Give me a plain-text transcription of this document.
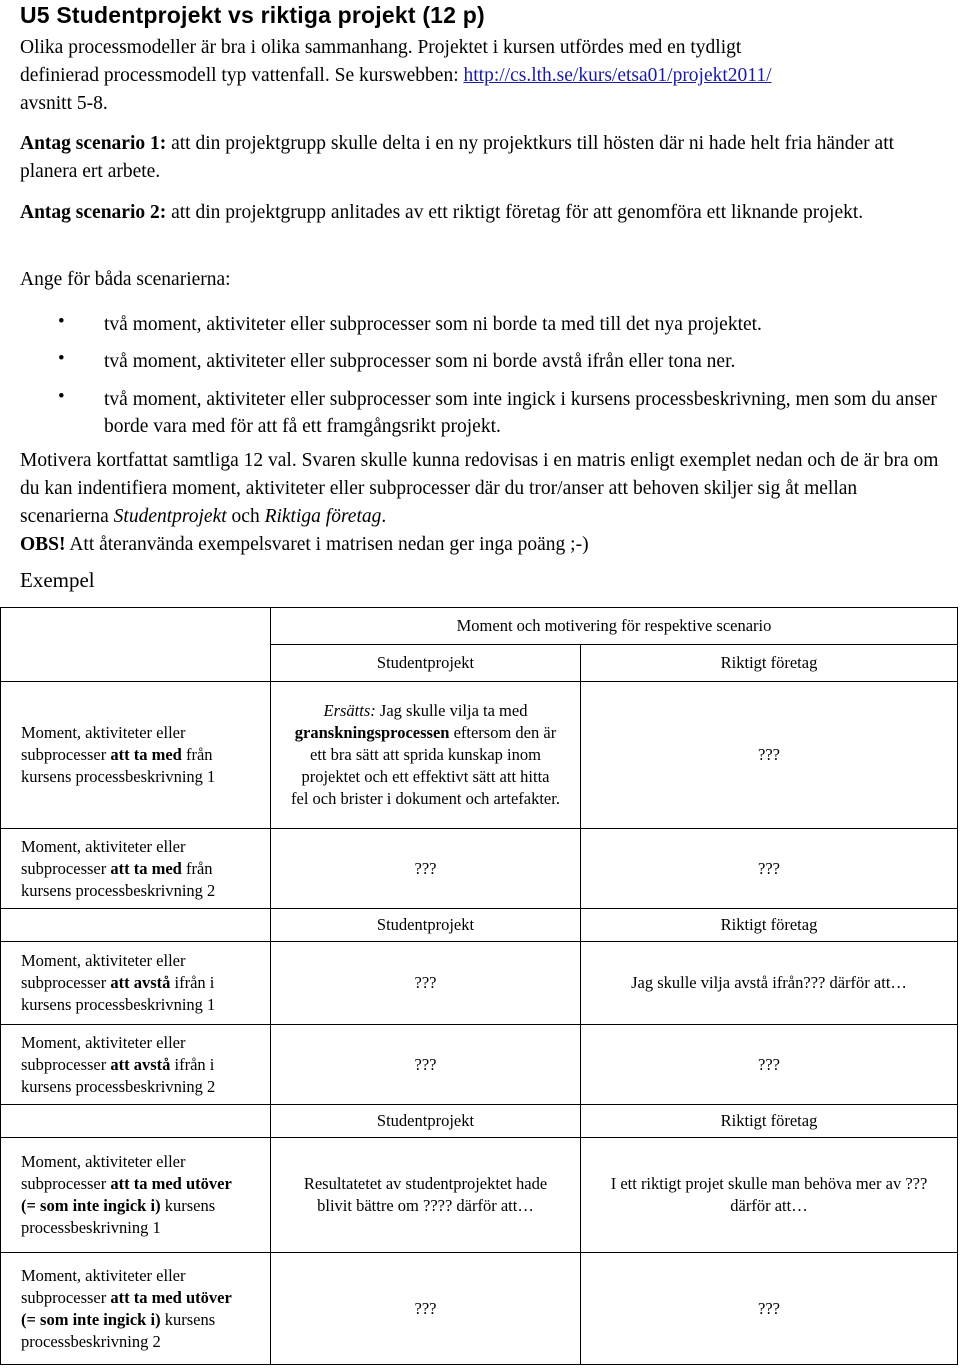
U5 Studentprojekt vs riktiga projekt (12 p)
Olika processmodeller är bra i olika sammanhang. Projektet i kursen utfördes med en tydligt
definierad processmodell typ vattenfall. Se kurswebben: http://cs.lth.se/kurs/etsa01/projekt2011/
avsnitt 5-8.
Antag scenario 1: att din projektgrupp skulle delta i en ny projektkurs till hösten där ni hade helt fria händer att planera ert arbete.
Antag scenario 2: att din projektgrupp anlitades av ett riktigt företag för att genomföra ett liknande projekt.
Ange för båda scenarierna:
• två moment, aktiviteter eller subprocesser som ni borde ta med till det nya projektet.
• två moment, aktiviteter eller subprocesser som ni borde avstå ifrån eller tona ner.
• två moment, aktiviteter eller subprocesser som inte ingick i kursens processbeskrivning, men som du anser borde vara med för att få ett framgångsrikt projekt.
Motivera kortfattat samtliga 12 val. Svaren skulle kunna redovisas i en matris enligt exemplet nedan och de är bra om du kan indentifiera moment, aktiviteter eller subprocesser där du tror/anser att behoven skiljer sig åt mellan scenarierna Studentprojekt och Riktiga företag.
OBS! Att återanvända exempelsvaret i matrisen nedan ger inga poäng ;-)
Exempel
	Moment och motivering för respektive scenario	
	Studentprojekt	Riktigt företag
Moment, aktiviteter eller subprocesser att ta med från kursens processbeskrivning 1	Ersätts: Jag skulle vilja ta med granskningsprocessen eftersom den är ett bra sätt att sprida kunskap inom projektet och ett effektivt sätt att hitta fel och brister i dokument och artefakter.	???
Moment, aktiviteter eller subprocesser att ta med från kursens processbeskrivning 2	???	???
	Studentprojekt	Riktigt företag
Moment, aktiviteter eller subprocesser att avstå ifrån i kursens processbeskrivning 1	???	Jag skulle vilja avstå ifrån??? därför att…
Moment, aktiviteter eller subprocesser att avstå ifrån i kursens processbeskrivning 2	???	???
	Studentprojekt	Riktigt företag
Moment, aktiviteter eller subprocesser att ta med utöver (= som inte ingick i) kursens processbeskrivning 1	Resultatetet av studentprojektet hade blivit bättre om ???? därför att…	I ett riktigt projet skulle man behöva mer av ??? därför att…
Moment, aktiviteter eller subprocesser att ta med utöver (= som inte ingick i) kursens processbeskrivning 2	???	???
